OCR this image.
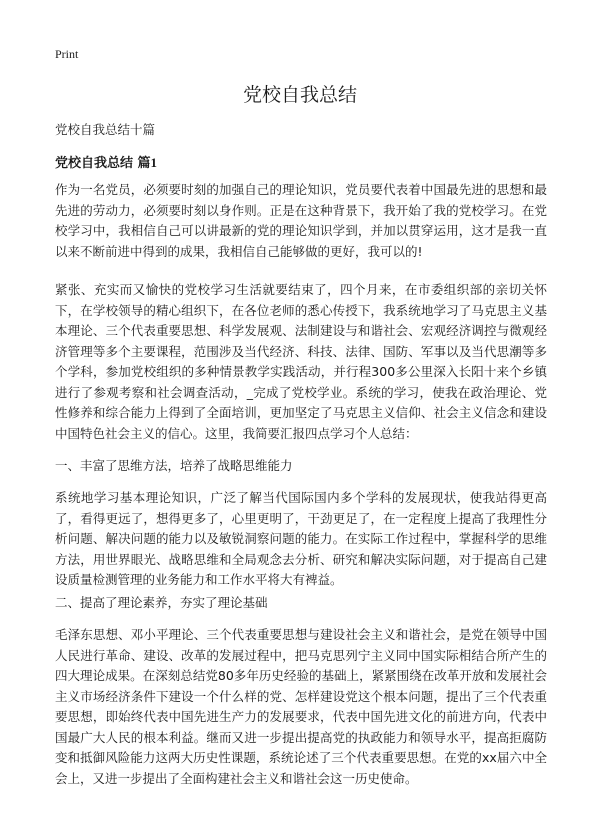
Print
党校自我总结
党校自我总结十篇
党校自我总结 篇1

作为一名党员，必须要时刻的加强自己的理论知识，党员要代表着中国最先进的思想和最先进的劳动力，必须要时刻以身作则。正是在这种背景下，我开始了我的党校学习。在党校学习中，我相信自己可以讲最新的党的理论知识学到，并加以贯穿运用，这才是我一直以来不断前进中得到的成果，我相信自己能够做的更好，我可以的!

紧张、充实而又愉快的党校学习生活就要结束了，四个月来，在市委组织部的亲切关怀下，在学校领导的精心组织下，在各位老师的悉心传授下，我系统地学习了马克思主义基本理论、三个代表重要思想、科学发展观、法制建设与和谐社会、宏观经济调控与微观经济管理等多个主要课程，范围涉及当代经济、科技、法律、国防、军事以及当代思潮等多个学科，参加党校组织的多种情景教学实践活动，并行程300多公里深入长阳十来个乡镇进行了参观考察和社会调查活动，_完成了党校学业。系统的学习，使我在政治理论、党性修养和综合能力上得到了全面培训，更加坚定了马克思主义信仰、社会主义信念和建设中国特色社会主义的信心。这里，我简要汇报四点学习个人总结：

一、丰富了思维方法，培养了战略思维能力

系统地学习基本理论知识，广泛了解当代国际国内多个学科的发展现状，使我站得更高了，看得更远了，想得更多了，心里更明了，干劲更足了，在一定程度上提高了我理性分析问题、解决问题的能力以及敏锐洞察问题的能力。在实际工作过程中，掌握科学的思维方法，用世界眼光、战略思维和全局观念去分析、研究和解决实际问题，对于提高自己建设质量检测管理的业务能力和工作水平将大有裨益。

二、提高了理论素养，夯实了理论基础

毛泽东思想、邓小平理论、三个代表重要思想与建设社会主义和谐社会，是党在领导中国人民进行革命、建设、改革的发展过程中，把马克思列宁主义同中国实际相结合所产生的四大理论成果。在深刻总结党80多年历史经验的基础上，紧紧围绕在改革开放和发展社会主义市场经济条件下建设一个什么样的党、怎样建设党这个根本问题，提出了三个代表重要思想，即始终代表中国先进生产力的发展要求，代表中国先进文化的前进方向，代表中国最广大人民的根本利益。继而又进一步提出提高党的执政能力和领导水平，提高拒腐防变和抵御风险能力这两大历史性课题，系统论述了三个代表重要思想。在党的xx届六中全会上，又进一步提出了全面构建社会主义和谐社会这一历史使命。
